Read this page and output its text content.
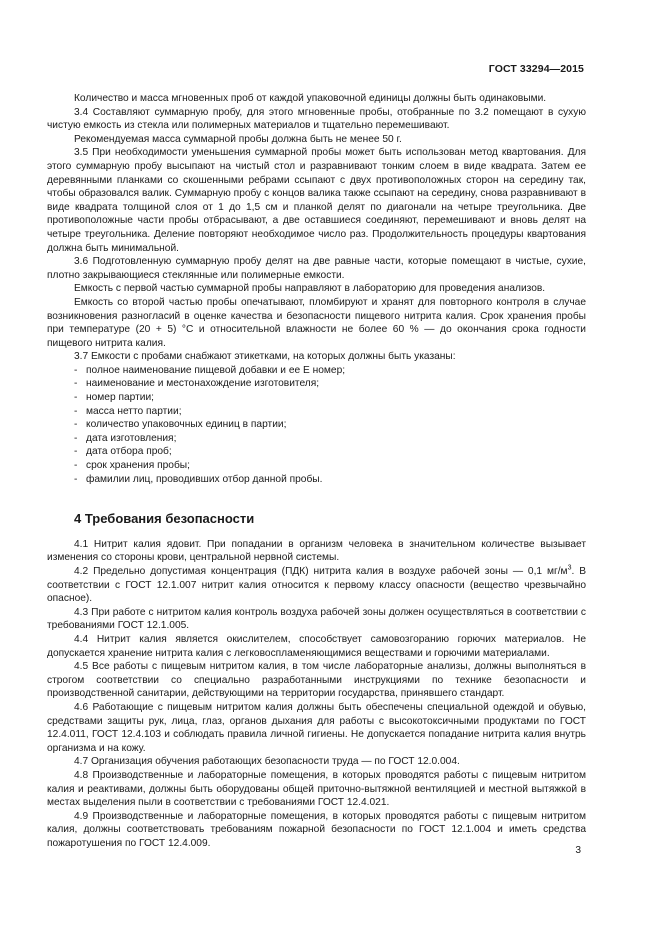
ГОСТ 33294—2015

Количество и масса мгновенных проб от каждой упаковочной единицы должны быть одинаковыми.

3.4 Составляют суммарную пробу, для этого мгновенные пробы, отобранные по 3.2 помещают в сухую чистую емкость из стекла или полимерных материалов и тщательно перемешивают.

Рекомендуемая масса суммарной пробы должна быть не менее 50 г.

3.5 При необходимости уменьшения суммарной пробы может быть использован метод квартования. Для этого суммарную пробу высыпают на чистый стол и разравнивают тонким слоем в виде квадрата. Затем ее деревянными планками со скошенными ребрами ссыпают с двух противоположных сторон на середину так, чтобы образовался валик. Суммарную пробу с концов валика также ссыпают на середину, снова разравнивают в виде квадрата толщиной слоя от 1 до 1,5 см и планкой делят по диагонали на четыре треугольника. Две противоположные части пробы отбрасывают, а две оставшиеся соединяют, перемешивают и вновь делят на четыре треугольника. Деление повторяют необходимое число раз. Продолжительность процедуры квартования должна быть минимальной.

3.6 Подготовленную суммарную пробу делят на две равные части, которые помещают в чистые, сухие, плотно закрывающиеся стеклянные или полимерные емкости.

Емкость с первой частью суммарной пробы направляют в лабораторию для проведения анализов.

Емкость со второй частью пробы опечатывают, пломбируют и хранят для повторного контроля в случае возникновения разногласий в оценке качества и безопасности пищевого нитрита калия. Срок хранения пробы при температуре (20 + 5) °С и относительной влажности не более 60 % — до окончания срока годности пищевого нитрита калия.

3.7 Емкости с пробами снабжают этикетками, на которых должны быть указаны:

- полное наименование пищевой добавки и ее Е номер;
- наименование и местонахождение изготовителя;
- номер партии;
- масса нетто партии;
- количество упаковочных единиц в партии;
- дата изготовления;
- дата отбора проб;
- срок хранения пробы;
- фамилии лиц, проводивших отбор данной пробы.
4 Требования безопасности

4.1 Нитрит калия ядовит. При попадании в организм человека в значительном количестве вызывает изменения со стороны крови, центральной нервной системы.

4.2 Предельно допустимая концентрация (ПДК) нитрита калия в воздухе рабочей зоны — 0,1 $мг/м^3$. В соответствии с ГОСТ 12.1.007 нитрит калия относится к первому классу опасности (вещество чрезвычайно опасное).

4.3 При работе с нитритом калия контроль воздуха рабочей зоны должен осуществляться в соответствии с требованиями ГОСТ 12.1.005.

4.4 Нитрит калия является окислителем, способствует самовозгоранию горючих материалов. Не допускается хранение нитрита калия с легковоспламеняющимися веществами и горючими материалами.

4.5 Все работы с пищевым нитритом калия, в том числе лабораторные анализы, должны выполняться в строгом соответствии со специально разработанными инструкциями по технике безопасности и производственной санитарии, действующими на территории государства, принявшего стандарт.

4.6 Работающие с пищевым нитритом калия должны быть обеспечены специальной одеждой и обувью, средствами защиты рук, лица, глаз, органов дыхания для работы с высокотоксичными продуктами по ГОСТ 12.4.011, ГОСТ 12.4.103 и соблюдать правила личной гигиены. Не допускается попадание нитрита калия внутрь организма и на кожу.

4.7 Организация обучения работающих безопасности труда — по ГОСТ 12.0.004.

4.8 Производственные и лабораторные помещения, в которых проводятся работы с пищевым нитритом калия и реактивами, должны быть оборудованы общей приточно-вытяжной вентиляцией и местной вытяжкой в местах выделения пыли в соответствии с требованиями ГОСТ 12.4.021.

4.9 Производственные и лабораторные помещения, в которых проводятся работы с пищевым нитритом калия, должны соответствовать требованиям пожарной безопасности по ГОСТ 12.1.004 и иметь средства пожаротушения по ГОСТ 12.4.009.

3
